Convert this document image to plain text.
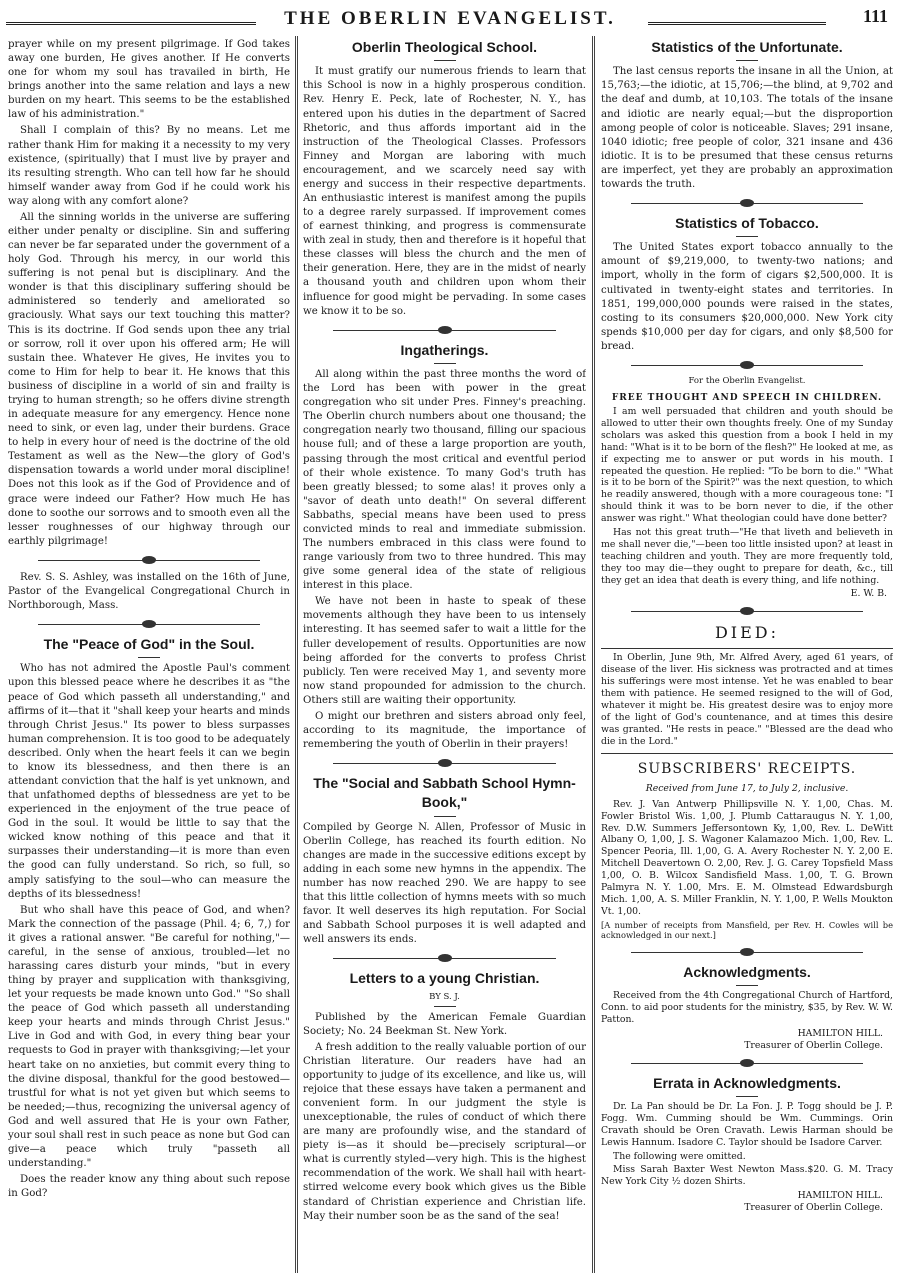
THE OBERLIN EVANGELIST.	111

prayer while on my present pilgrimage. If God takes away one burden, He gives another. If He converts one for whom my soul has travailed in birth, He brings another into the same relation and lays a new burden on my heart. This seems to be the established law of his administration."

Shall I complain of this? By no means. Let me rather thank Him for making it a necessity to my very existence, (spiritually) that I must live by prayer and its resulting strength. Who can tell how far he should himself wander away from God if he could work his way along with any comfort alone?

All the sinning worlds in the universe are suffering either under penalty or discipline. Sin and suffering can never be far separated under the government of a holy God. Through his mercy, in our world this suffering is not penal but is disciplinary. And the wonder is that this disciplinary suffering should be administered so tenderly and ameliorated so graciously. What says our text touching this matter? This is its doctrine. If God sends upon thee any trial or sorrow, roll it over upon his offered arm; He will sustain thee. Whatever He gives, He invites you to come to Him for help to bear it. He knows that this business of discipline in a world of sin and frailty is trying to human strength; so he offers divine strength in adequate measure for any emergency. Hence none need to sink, or even lag, under their burdens. Grace to help in every hour of need is the doctrine of the old Testament as well as the New—the glory of God's dispensation towards a world under moral discipline! Does not this look as if the God of Providence and of grace were indeed our Father? How much He has done to soothe our sorrows and to smooth even all the lesser roughnesses of our highway through our earthly pilgrimage!

Rev. S. S. Ashley, was installed on the 16th of June, Pastor of the Evangelical Congregational Church in Northborough, Mass.

The "Peace of God" in the Soul.

Who has not admired the Apostle Paul's comment upon this blessed peace where he describes it as "the peace of God which passeth all understanding," and affirms of it—that it "shall keep your hearts and minds through Christ Jesus." Its power to bless surpasses human comprehension. It is too good to be adequately described. Only when the heart feels it can we begin to know its blessedness, and then there is an attendant conviction that the half is yet unknown, and that unfathomed depths of blessedness are yet to be experienced in the enjoyment of the true peace of God in the soul. It would be little to say that the wicked know nothing of this peace and that it surpasses their understanding—it is more than even the good can fully understand. So rich, so full, so amply satisfying to the soul—who can measure the depths of its blessedness!

But who shall have this peace of God, and when? Mark the connection of the passage (Phil. 4; 6, 7,) for it gives a rational answer. "Be careful for nothing,"—careful, in the sense of anxious, troubled—let no harassing cares disturb your minds, "but in every thing by prayer and supplication with thanksgiving, let your requests be made known unto God." "So shall the peace of God which passeth all understanding keep your hearts and minds through Christ Jesus." Live in God and with God, in every thing bear your requests to God in prayer with thanksgiving;—let your heart take on no anxieties, but commit every thing to the divine disposal, thankful for the good bestowed—trustful for what is not yet given but which seems to be needed;—thus, recognizing the universal agency of God and well assured that He is your own Father, your soul shall rest in such peace as none but God can give—a peace which truly "passeth all understanding."

Does the reader know any thing about such repose in God?

Oberlin Theological School.

It must gratify our numerous friends to learn that this School is now in a highly prosperous condition. Rev. Henry E. Peck, late of Rochester, N. Y., has entered upon his duties in the department of Sacred Rhetoric, and thus affords important aid in the instruction of the Theological Classes. Professors Finney and Morgan are laboring with much encouragement, and we scarcely need say with energy and success in their respective departments. An enthusiastic interest is manifest among the pupils to a degree rarely surpassed. If improvement comes of earnest thinking, and progress is commensurate with zeal in study, then and therefore is it hopeful that these classes will bless the church and the men of their generation. Here, they are in the midst of nearly a thousand youth and children upon whom their influence for good might be pervading. In some cases we know it to be so.

Ingatherings.

All along within the past three months the word of the Lord has been with power in the great congregation who sit under Pres. Finney's preaching. The Oberlin church numbers about one thousand; the congregation nearly two thousand, filling our spacious house full; and of these a large proportion are youth, passing through the most critical and eventful period of their whole existence. To many God's truth has been greatly blessed; to some alas! it proves only a "savor of death unto death!" On several different Sabbaths, special means have been used to press convicted minds to real and immediate submission. The numbers embraced in this class were found to range variously from two to three hundred. This may give some general idea of the state of religious interest in this place.

We have not been in haste to speak of these movements although they have been to us intensely interesting. It has seemed safer to wait a little for the fuller developement of results. Opportunities are now being afforded for the converts to profess Christ publicly. Ten were received May 1, and seventy more now stand propounded for admission to the church. Others still are waiting their opportunity.

O might our brethren and sisters abroad only feel, according to its magnitude, the importance of remembering the youth of Oberlin in their prayers!

The "Social and Sabbath School Hymn-Book,"

Compiled by George N. Allen, Professor of Music in Oberlin College, has reached its fourth edition. No changes are made in the successive editions except by adding in each some new hymns in the appendix. The number has now reached 290. We are happy to see that this little collection of hymns meets with so much favor. It well deserves its high reputation. For Social and Sabbath School purposes it is well adapted and well answers its ends.

Letters to a young Christian.
BY S. J.

Published by the American Female Guardian Society; No. 24 Beekman St. New York.

A fresh addition to the really valuable portion of our Christian literature. Our readers have had an opportunity to judge of its excellence, and like us, will rejoice that these essays have taken a permanent and convenient form. In our judgment the style is unexceptionable, the rules of conduct of which there are many are profoundly wise, and the standard of piety is—as it should be—precisely scriptural—or what is currently styled—very high. This is the highest recommendation of the work. We shall hail with heart-stirred welcome every book which gives us the Bible standard of Christian experience and Christian life. May their number soon be as the sand of the sea!

Statistics of the Unfortunate.

The last census reports the insane in all the Union, at 15,763;—the idiotic, at 15,706;—the blind, at 9,702 and the deaf and dumb, at 10,103. The totals of the insane and idiotic are nearly equal;—but the disproportion among people of color is noticeable. Slaves; 291 insane, 1040 idiotic; free people of color, 321 insane and 436 idiotic. It is to be presumed that these census returns are imperfect, yet they are probably an approximation towards the truth.

Statistics of Tobacco.

The United States export tobacco annually to the amount of $9,219,000, to twenty-two nations; and import, wholly in the form of cigars $2,500,000. It is cultivated in twenty-eight states and territories. In 1851, 199,000,000 pounds were raised in the states, costing to its consumers $20,000,000. New York city spends $10,000 per day for cigars, and only $8,500 for bread.

For the Oberlin Evangelist.
FREE THOUGHT AND SPEECH IN CHILDREN.

I am well persuaded that children and youth should be allowed to utter their own thoughts freely. One of my Sunday scholars was asked this question from a book I held in my hand: "What is it to be born of the flesh?" He looked at me, as if expecting me to answer or put words in his mouth. I repeated the question. He replied: "To be born to die." "What is it to be born of the Spirit?" was the next question, to which he readily answered, though with a more courageous tone: "I should think it was to be born never to die, if the other answer was right." What theologian could have done better?

Has not this great truth—"He that liveth and believeth in me shall never die,"—been too little insisted upon? at least in teaching children and youth. They are more frequently told, they too may die—they ought to prepare for death, &c., till they get an idea that death is every thing, and life nothing.

E. W. B.
DIED:

In Oberlin, June 9th, Mr. Alfred Avery, aged 61 years, of disease of the liver. His sickness was protracted and at times his sufferings were most intense. Yet he was enabled to bear them with patience. He seemed resigned to the will of God, whatever it might be. His greatest desire was to enjoy more of the light of God's countenance, and at times this desire was granted. "He rests in peace." "Blessed are the dead who die in the Lord."

SUBSCRIBERS' RECEIPTS.
Received from June 17, to July 2, inclusive.

Rev. J. Van Antwerp Phillipsville N. Y. 1,00, Chas. M. Fowler Bristol Wis. 1,00, J. Plumb Cattaraugus N. Y. 1,00, Rev. D.W. Summers Jeffersontown Ky, 1,00, Rev. L. DeWitt Albany O, 1,00, J. S. Wagoner Kalamazoo Mich. 1,00, Rev. L. Spencer Peoria, Ill. 1,00, G. A. Avery Rochester N. Y. 2,00 E. Mitchell Deavertown O. 2,00, Rev. J. G. Carey Topsfield Mass 1,00, O. B. Wilcox Sandisfield Mass. 1,00, T. G. Brown Palmyra N. Y. 1.00, Mrs. E. M. Olmstead Edwardsburgh Mich. 1,00, A. S. Miller Franklin, N. Y. 1,00, P. Wells Moukton Vt. 1,00.

[A number of receipts from Mansfield, per Rev. H. Cowles will be acknowledged in our next.]

Acknowledgments.

Received from the 4th Congregational Church of Hartford, Conn. to aid poor students for the ministry, $35, by Rev. W. W. Patton.

HAMILTON HILL.
Treasurer of Oberlin College.
Errata in Acknowledgments.

Dr. La Pan should be Dr. La Fon. J. P. Togg should be J. P. Fogg. Wm. Cumming should be Wm. Cummings. Orin Cravath should be Oren Cravath. Lewis Harman should be Lewis Hannum. Isadore C. Taylor should be Isadore Carver.

The following were omitted.

Miss Sarah Baxter West Newton Mass.$20. G. M. Tracy New York City ½ dozen Shirts.

HAMILTON HILL.
Treasurer of Oberlin College.
